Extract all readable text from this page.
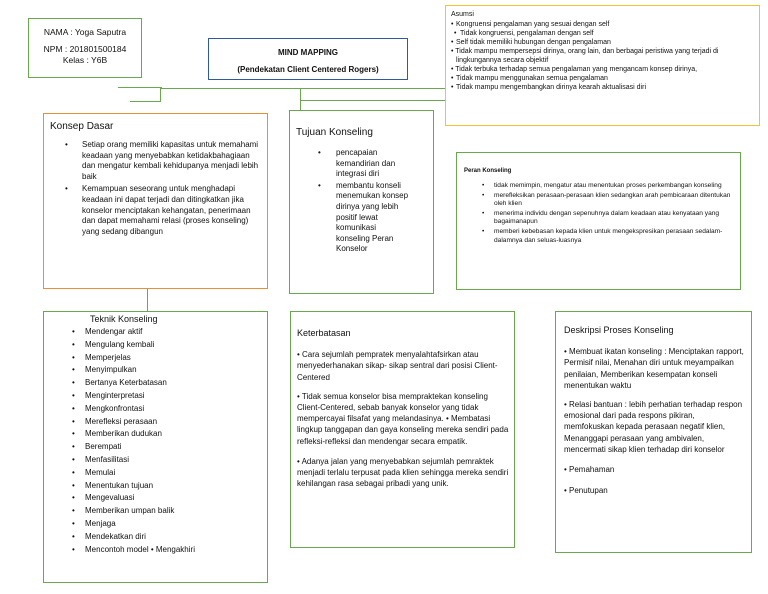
NAMA : Yoga Saputra

NPM : 201801500184

Kelas : Y6B

MIND MAPPING

(Pendekatan Client Centered Rogers)

Asumsi

• Kongruensi pengalaman yang sesuai dengan self
• Tidak kongruensi, pengalaman dengan self
• Self tidak memiliki hubungan dengan pengalaman
• Tidak mampu mempersepsi dirinya, orang lain, dan berbagai peristiwa yang terjadi di lingkungannya secara objektif
• Tidak terbuka terhadap semua pengalaman yang mengancam konsep dirinya,
• Tidak mampu menggunakan semua pengalaman
• Tidak mampu mengembangkan dirinya kearah aktualisasi diri

Konsep Dasar

• Setiap orang memiliki kapasitas untuk memahami keadaan yang menyebabkan ketidakbahagiaan dan mengatur kembali kehidupanya menjadi lebih baik
• Kemampuan seseorang untuk menghadapi keadaan ini dapat terjadi dan ditingkatkan jika konselor menciptakan kehangatan, penerimaan dan dapat memahami relasi (proses konseling) yang sedang dibangun

Tujuan Konseling

• pencapaian kemandirian dan integrasi diri
• membantu konseli menemukan konsep dirinya yang lebih positif lewat komunikasi konseling Peran Konselor

Peran Konseling

• tidak memimpin, mengatur atau menentukan proses perkembangan konseling
• merefleksikan perasaan-perasaan klien sedangkan arah pembicaraan ditentukan oleh klien
• menerima individu dengan sepenuhnya dalam keadaan atau kenyataan yang bagaimanapun
• memberi kebebasan kepada klien untuk mengekspresikan perasaan sedalam-dalamnya dan seluas-luasnya

Teknik Konseling

• Mendengar aktif
• Mengulang kembali
• Memperjelas
• Menyimpulkan
• Bertanya Keterbatasan
• Menginterpretasi
• Mengkonfrontasi
• Merefleksi perasaan
• Memberikan dudukan
• Berempati
• Menfasilitasi
• Memulai
• Menentukan tujuan
• Mengevaluasi
• Memberikan umpan balik
• Menjaga
• Mendekatkan diri
• Mencontoh model • Mengakhiri

Keterbatasan

• Cara sejumlah pempratek menyalahtafsirkan atau menyederhanakan sikap- sikap sentral dari posisi Client-Centered

• Tidak semua konselor bisa mempraktekan konseling Client-Centered, sebab banyak konselor yang tidak mempercayai filsafat yang melandasinya. • Membatasi lingkup tanggapan dan gaya konseling mereka sendiri pada refleksi-refleksi dan mendengar secara empatik.

• Adanya jalan yang menyebabkan sejumlah pemraktek menjadi terlalu terpusat pada klien sehingga mereka sendiri kehilangan rasa sebagai pribadi yang unik.

Deskripsi Proses Konseling

• Membuat ikatan konseling : Menciptakan rapport, Permisif nilai, Menahan diri untuk meyampaikan penilaian, Memberikan kesempatan konseli menentukan waktu

• Relasi bantuan : lebih perhatian terhadap respon emosional dari pada respons pikiran, memfokuskan kepada perasaan negatif klien, Menanggapi perasaan yang ambivalen, mencermati sikap klien terhadap diri konselor

• Pemahaman

• Penutupan
